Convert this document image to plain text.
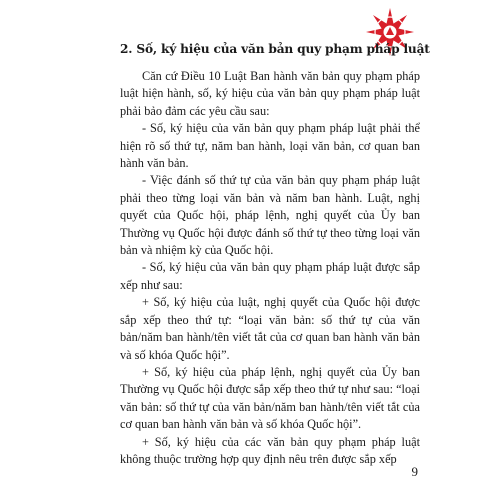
2. Số, ký hiệu của văn bản quy phạm pháp luật

Căn cứ Điều 10 Luật Ban hành văn bản quy phạm pháp luật hiện hành, số, ký hiệu của văn bản quy phạm pháp luật phải bảo đảm các yêu cầu sau:

- Số, ký hiệu của văn bản quy phạm pháp luật phải thể hiện rõ số thứ tự, năm ban hành, loại văn bản, cơ quan ban hành văn bản.

- Việc đánh số thứ tự của văn bản quy phạm pháp luật phải theo từng loại văn bản và năm ban hành. Luật, nghị quyết của Quốc hội, pháp lệnh, nghị quyết của Ủy ban Thường vụ Quốc hội được đánh số thứ tự theo từng loại văn bản và nhiệm kỳ của Quốc hội.

- Số, ký hiệu của văn bản quy phạm pháp luật được sắp xếp như sau:

+ Số, ký hiệu của luật, nghị quyết của Quốc hội được sắp xếp theo thứ tự: “loại văn bản: số thứ tự của văn bản/năm ban hành/tên viết tắt của cơ quan ban hành văn bản và số khóa Quốc hội”.

+ Số, ký hiệu của pháp lệnh, nghị quyết của Ủy ban Thường vụ Quốc hội được sắp xếp theo thứ tự như sau: “loại văn bản: số thứ tự của văn bản/năm ban hành/tên viết tắt của cơ quan ban hành văn bản và số khóa Quốc hội”.

+ Số, ký hiệu của các văn bản quy phạm pháp luật không thuộc trường hợp quy định nêu trên được sắp xếp

9
